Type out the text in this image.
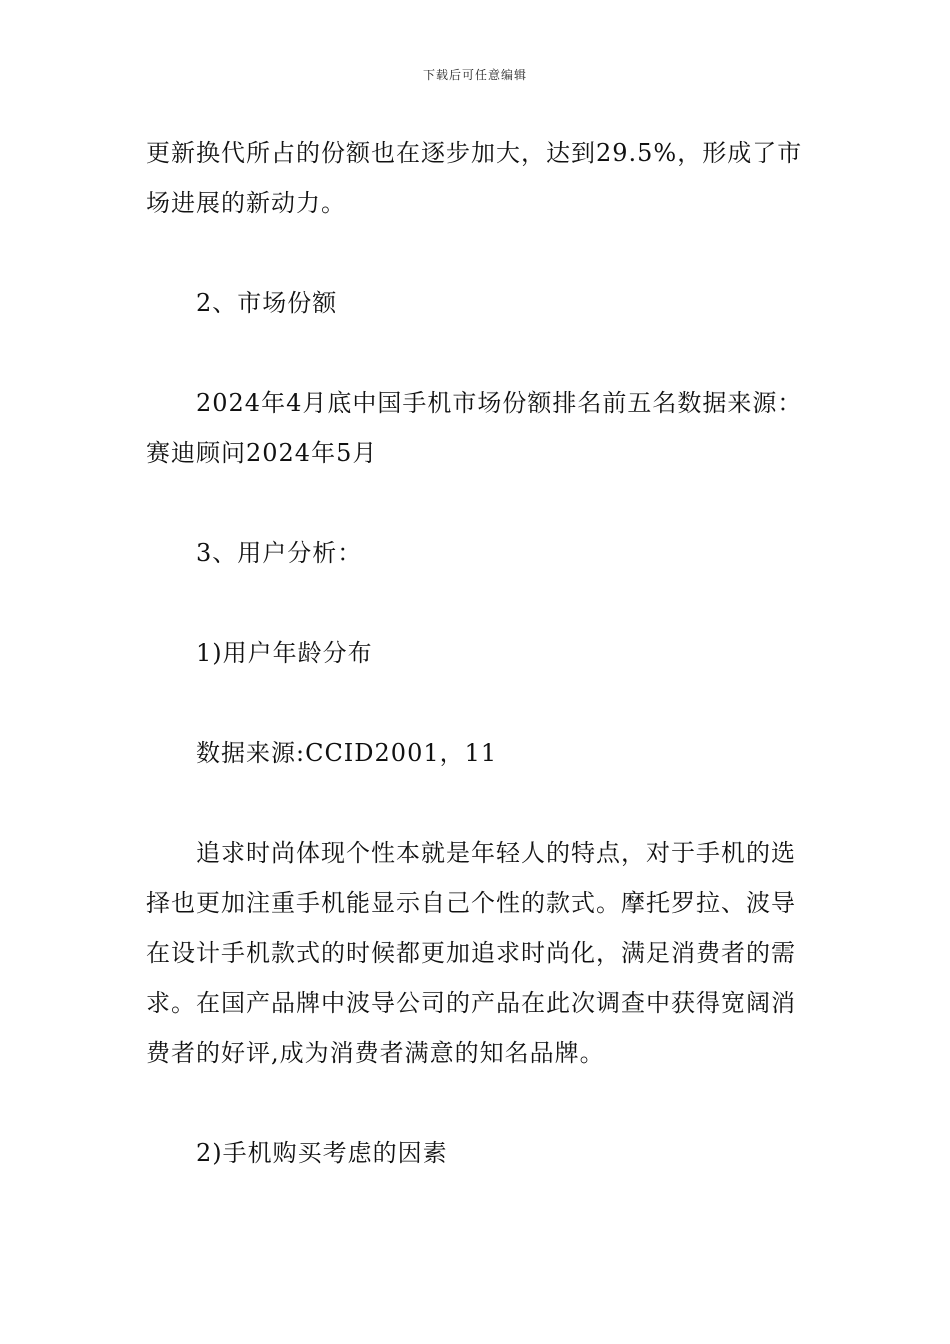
下载后可任意编辑

更新换代所占的份额也在逐步加大，达到29.5%，形成了市场进展的新动力。

2、市场份额

2024年4月底中国手机市场份额排名前五名数据来源：赛迪顾问2024年5月

3、用户分析：

1)用户年龄分布

数据来源:CCID2001，11

追求时尚体现个性本就是年轻人的特点，对于手机的选择也更加注重手机能显示自己个性的款式。摩托罗拉、波导在设计手机款式的时候都更加追求时尚化，满足消费者的需求。在国产品牌中波导公司的产品在此次调查中获得宽阔消费者的好评,成为消费者满意的知名品牌。

2)手机购买考虑的因素
